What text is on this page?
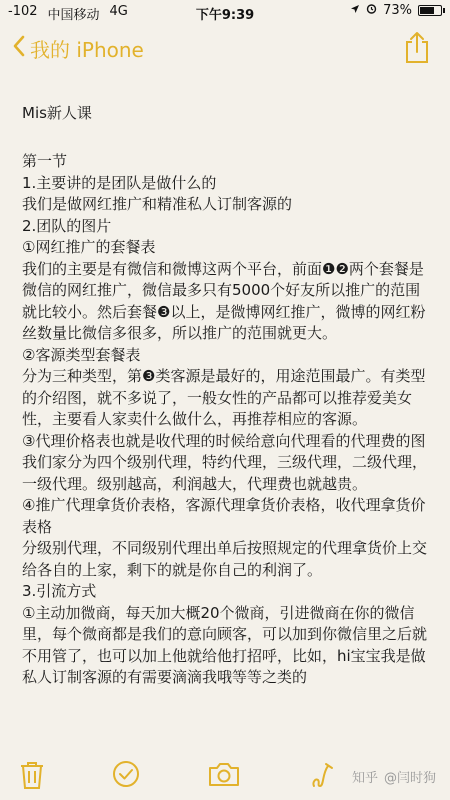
-102 中国移动 4G	下午9:39	73%
我的 iPhone
Mis新人课

第一节

1.主要讲的是团队是做什么的

我们是做网红推广和精准私人订制客源的

2.团队的图片

①网红推广的套餐表

我们的主要是有微信和微博这两个平台，前面❶❷两个套餐是微信的网红推广，微信最多只有5000个好友所以推广的范围就比较小。然后套餐❸以上，是微博网红推广，微博的网红粉丝数量比微信多很多，所以推广的范围就更大。

②客源类型套餐表

分为三种类型，第❸类客源是最好的，用途范围最广。有类型的介绍图，就不多说了，一般女性的产品都可以推荐爱美女性，主要看人家卖什么做什么，再推荐相应的客源。

③代理价格表也就是收代理的时候给意向代理看的代理费的图

我们家分为四个级别代理，特约代理，三级代理，二级代理，一级代理。级别越高，利润越大，代理费也就越贵。

④推广代理拿货价表格，客源代理拿货价表格，收代理拿货价表格

分级别代理，不同级别代理出单后按照规定的代理拿货价上交给各自的上家，剩下的就是你自己的利润了。

3.引流方式

①主动加微商，每天加大概20个微商，引进微商在你的微信里，每个微商都是我们的意向顾客，可以加到你微信里之后就不用管了，也可以加上他就给他打招呼，比如，hi宝宝我是做私人订制客源的有需要滴滴我哦等等之类的

知乎 @闫时狗
